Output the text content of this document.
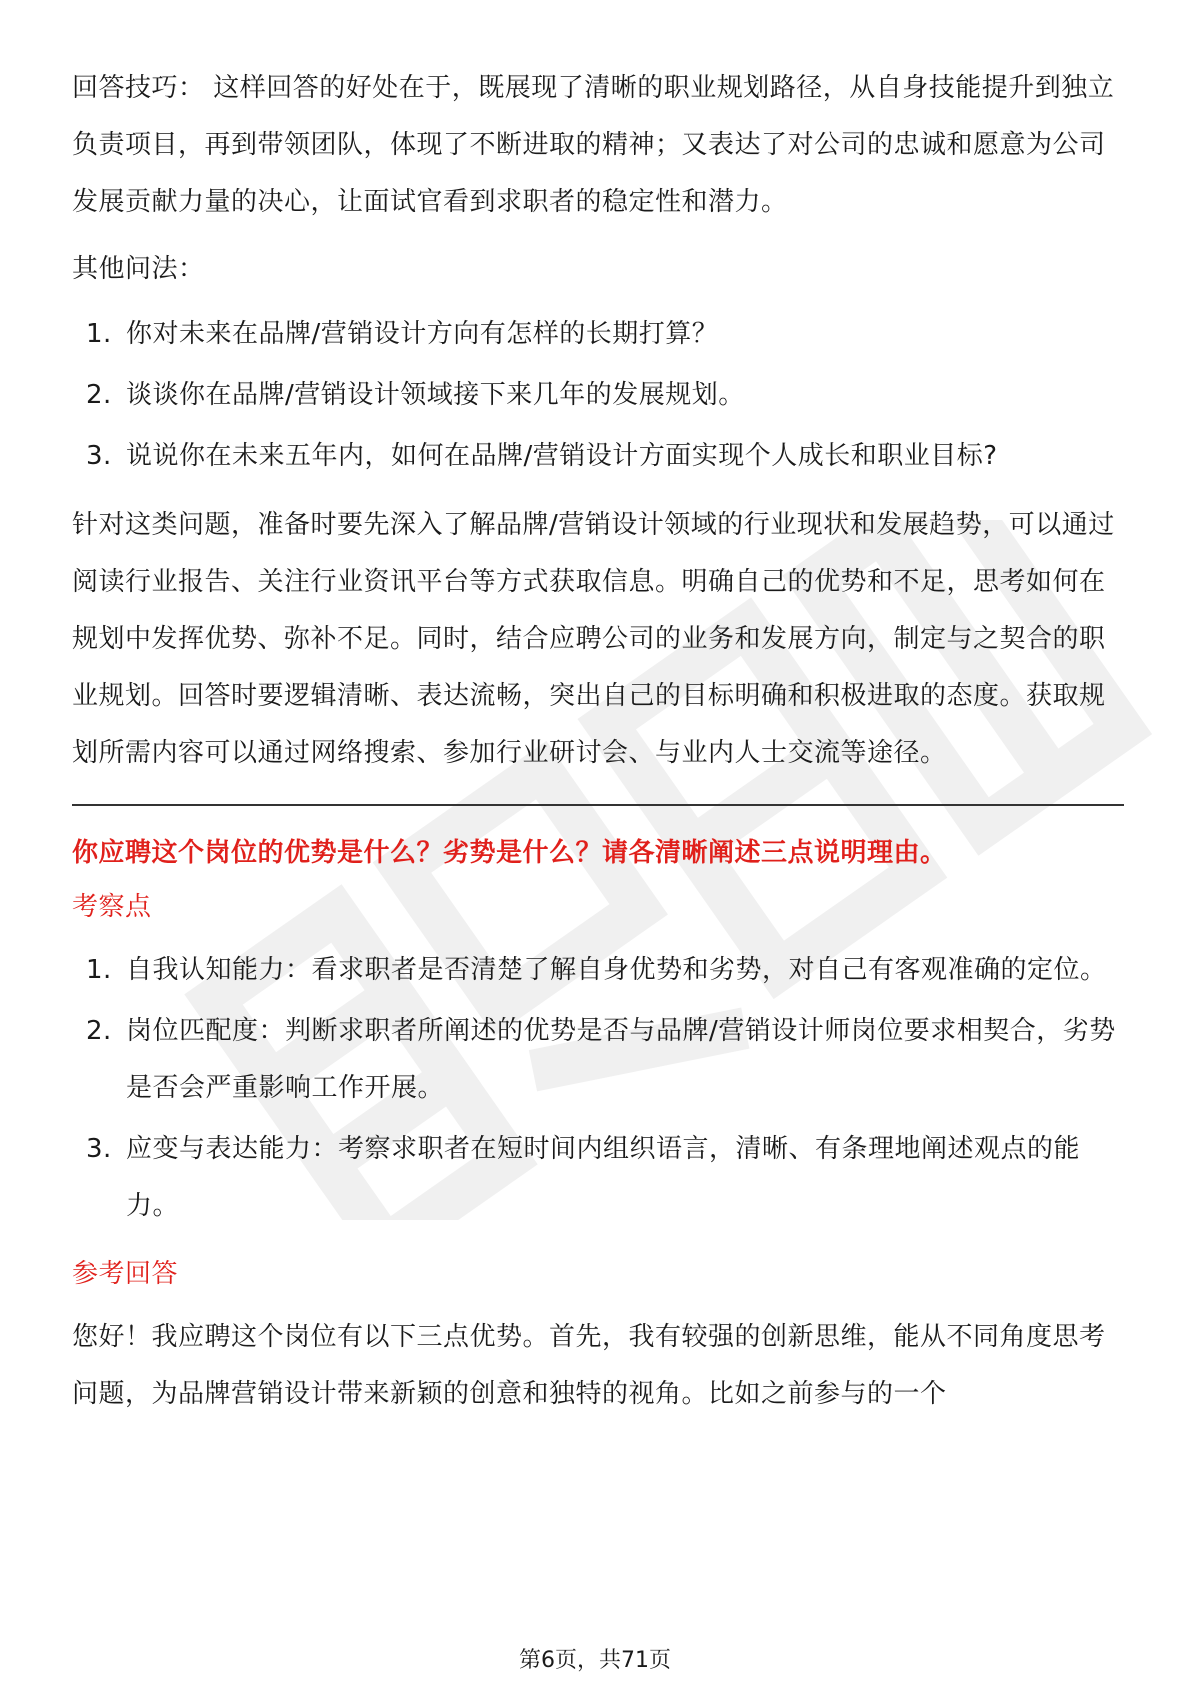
回答技巧： 这样回答的好处在于，既展现了清晰的职业规划路径，从自身技能提升到独立负责项目，再到带领团队，体现了不断进取的精神；又表达了对公司的忠诚和愿意为公司发展贡献力量的决心，让面试官看到求职者的稳定性和潜力。

其他问法：

1. 你对未来在品牌/营销设计方向有怎样的长期打算？
2. 谈谈你在品牌/营销设计领域接下来几年的发展规划。
3. 说说你在未来五年内，如何在品牌/营销设计方面实现个人成长和职业目标?

针对这类问题，准备时要先深入了解品牌/营销设计领域的行业现状和发展趋势，可以通过阅读行业报告、关注行业资讯平台等方式获取信息。明确自己的优势和不足，思考如何在规划中发挥优势、弥补不足。同时，结合应聘公司的业务和发展方向，制定与之契合的职业规划。回答时要逻辑清晰、表达流畅，突出自己的目标明确和积极进取的态度。获取规划所需内容可以通过网络搜索、参加行业研讨会、与业内人士交流等途径。

你应聘这个岗位的优势是什么？劣势是什么？请各清晰阐述三点说明理由。
考察点
1. 自我认知能力：看求职者是否清楚了解自身优势和劣势，对自己有客观准确的定位。
2. 岗位匹配度：判断求职者所阐述的优势是否与品牌/营销设计师岗位要求相契合，劣势是否会严重影响工作开展。
3. 应变与表达能力：考察求职者在短时间内组织语言，清晰、有条理地阐述观点的能力。
参考回答

您好！我应聘这个岗位有以下三点优势。首先，我有较强的创新思维，能从不同角度思考问题，为品牌营销设计带来新颖的创意和独特的视角。比如之前参与的一个

第6页，共71页
